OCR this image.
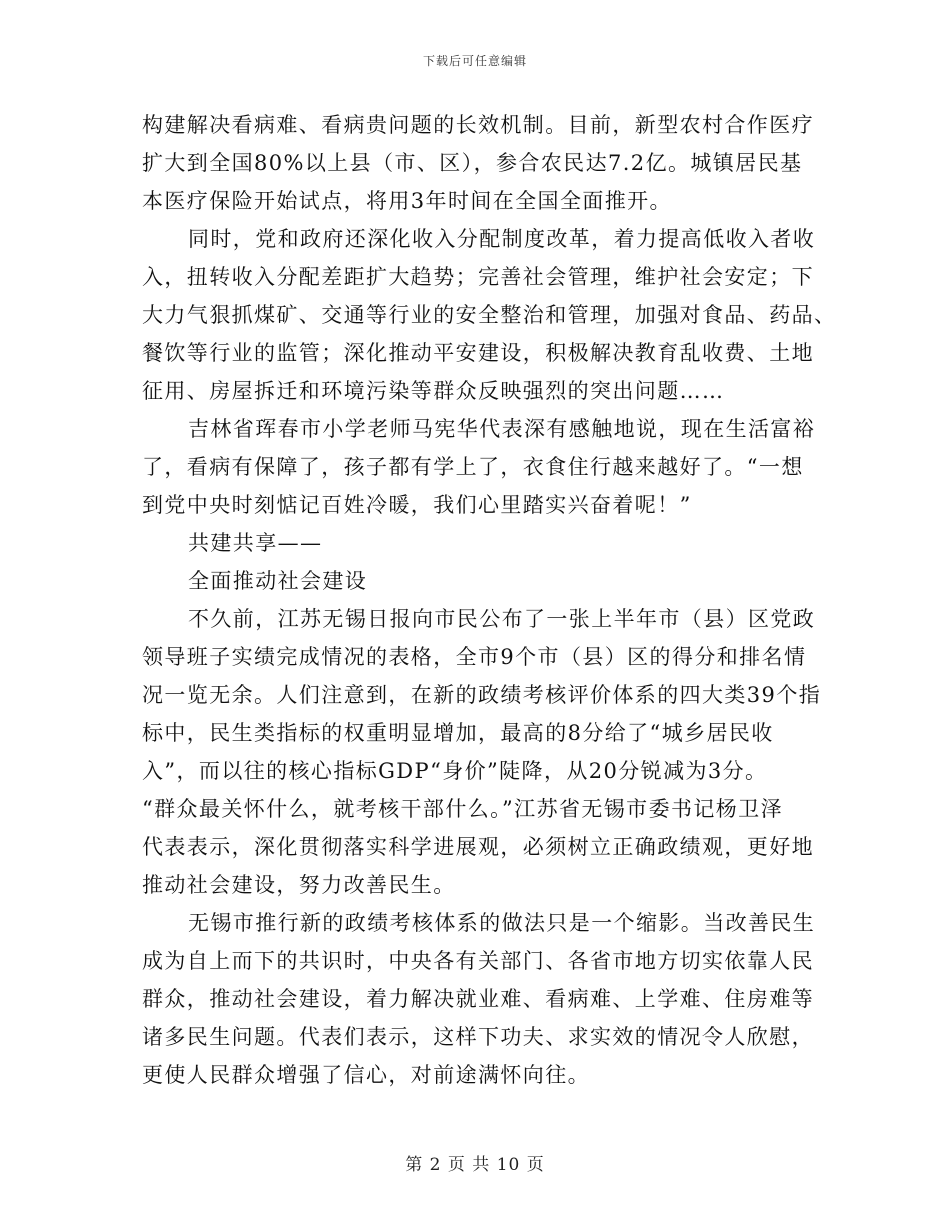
下载后可任意编辑
构建解决看病难、看病贵问题的长效机制。目前，新型农村合作医疗
扩大到全国80%以上县（市、区），参合农民达7.2亿。城镇居民基
本医疗保险开始试点，将用3年时间在全国全面推开。
同时，党和政府还深化收入分配制度改革，着力提高低收入者收
入，扭转收入分配差距扩大趋势；完善社会管理，维护社会安定；下
大力气狠抓煤矿、交通等行业的安全整治和管理，加强对食品、药品、
餐饮等行业的监管；深化推动平安建设，积极解决教育乱收费、土地
征用、房屋拆迁和环境污染等群众反映强烈的突出问题……
吉林省珲春市小学老师马宪华代表深有感触地说，现在生活富裕
了，看病有保障了，孩子都有学上了，衣食住行越来越好了。“一想
到党中央时刻惦记百姓冷暖，我们心里踏实兴奋着呢！”
共建共享——
全面推动社会建设
不久前，江苏无锡日报向市民公布了一张上半年市（县）区党政
领导班子实绩完成情况的表格，全市9个市（县）区的得分和排名情
况一览无余。人们注意到，在新的政绩考核评价体系的四大类39个指
标中，民生类指标的权重明显增加，最高的8分给了“城乡居民收
入”，而以往的核心指标GDP“身价”陡降，从20分锐减为3分。
“群众最关怀什么，就考核干部什么。”江苏省无锡市委书记杨卫泽
代表表示，深化贯彻落实科学进展观，必须树立正确政绩观，更好地
推动社会建设，努力改善民生。
无锡市推行新的政绩考核体系的做法只是一个缩影。当改善民生
成为自上而下的共识时，中央各有关部门、各省市地方切实依靠人民
群众，推动社会建设，着力解决就业难、看病难、上学难、住房难等
诸多民生问题。代表们表示，这样下功夫、求实效的情况令人欣慰，
更使人民群众增强了信心，对前途满怀向往。
第 2 页 共 10 页
